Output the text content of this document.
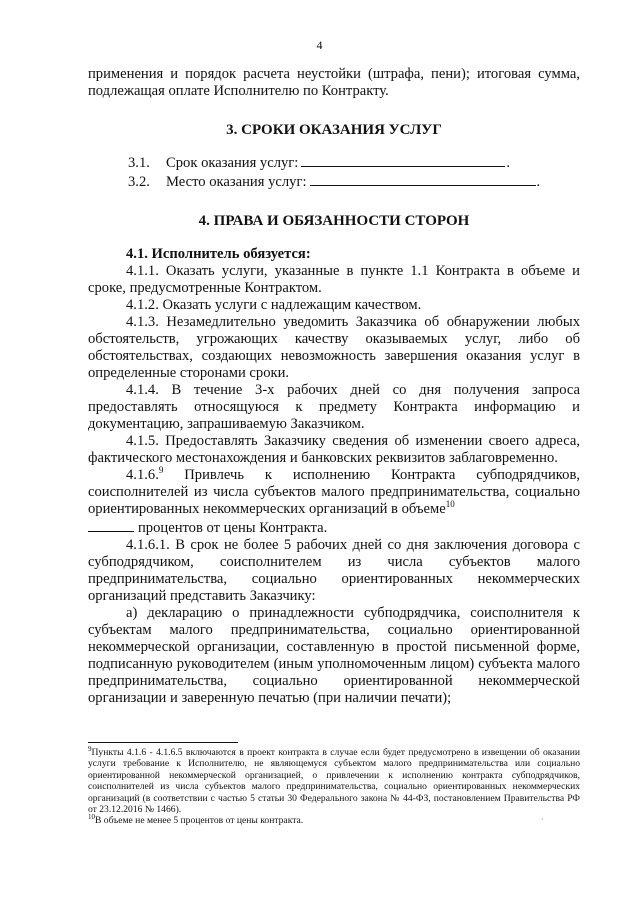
4

применения и порядок расчета неустойки (штрафа, пени); итоговая сумма,

подлежащая оплате Исполнителю по Контракту.

3. СРОКИ ОКАЗАНИЯ УСЛУГ

3.1.	Срок оказания услуг:	.
3.2.	Место оказания услуг:	.

4. ПРАВА И ОБЯЗАННОСТИ СТОРОН

4.1. Исполнитель обязуется:

4.1.1. Оказать услуги, указанные в пункте 1.1 Контракта в объеме и сроке, предусмотренные Контрактом.

4.1.2. Оказать услуги с надлежащим качеством.

4.1.3. Незамедлительно уведомить Заказчика об обнаружении любых обстоятельств, угрожающих качеству оказываемых услуг, либо об обстоятельствах, создающих невозможность завершения оказания услуг в определенные сторонами сроки.

4.1.4. В течение 3-х рабочих дней со дня получения запроса предоставлять относящуюся к предмету Контракта информацию и документацию, запрашиваемую Заказчиком.

4.1.5. Предоставлять Заказчику сведения об изменении своего адреса, фактического местонахождения и банковских реквизитов заблаговременно.

4.1.6.$^9$ Привлечь к исполнению Контракта субподрядчиков, соисполнителей из числа субъектов малого предпринимательства, социально ориентированных некоммерческих организаций в объеме$^{10}$
процентов от цены Контракта.

4.1.6.1. В срок не более 5 рабочих дней со дня заключения договора с субподрядчиком, соисполнителем из числа субъектов малого предпринимательства, социально ориентированных некоммерческих организаций представить Заказчику:

а) декларацию о принадлежности субподрядчика, соисполнителя к субъектам малого предпринимательства, социально ориентированной некоммерческой организации, составленную в простой письменной форме, подписанную руководителем (иным уполномоченным лицом) субъекта малого предпринимательства, социально ориентированной некоммерческой организации и заверенную печатью (при наличии печати);

$^9$Пункты 4.1.6 - 4.1.6.5 включаются в проект контракта в случае если будет предусмотрено в извещении об оказании услуги требование к Исполнителю, не являющемуся субъектом малого предпринимательства или социально ориентированной некоммерческой организацией, о привлечении к исполнению контракта субподрядчиков, соисполнителей из числа субъектов малого предпринимательства, социально ориентированных некоммерческих организаций (в соответствии с частью 5 статьи 30 Федерального закона № 44-ФЗ, постановлением Правительства РФ от 23.12.2016 № 1466).

$^{10}$В объеме не менее 5 процентов от цены контракта.	·
